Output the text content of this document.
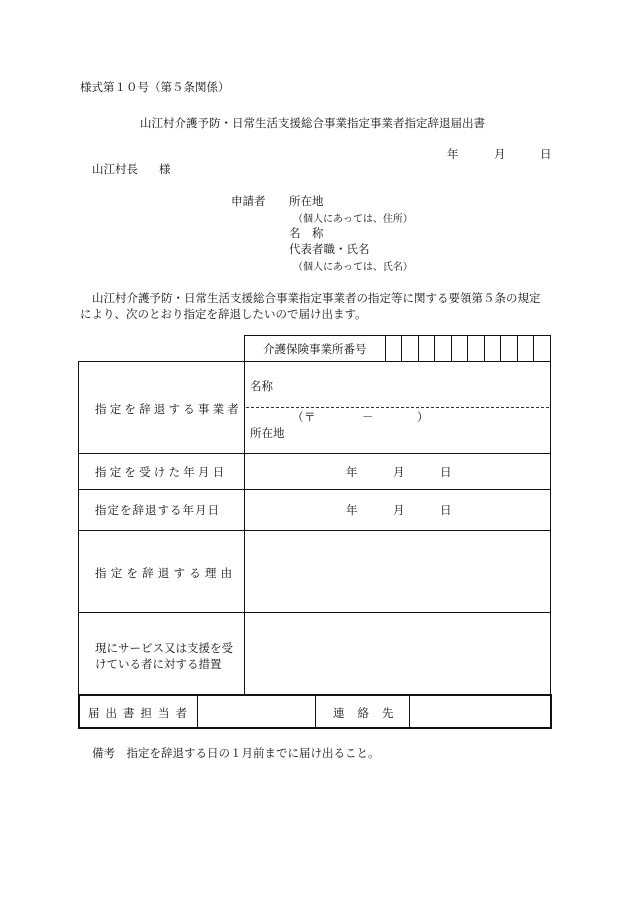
様式第１０号（第５条関係）
山江村介護予防・日常生活支援総合事業指定事業者指定辞退届出書
年	月	日
山江村長 様
申請者 所在地
（個人にあっては、住所）
名　称
代表者職・氏名
（個人にあっては、氏名）
山江村介護予防・日常生活支援総合事業指定事業者の指定等に関する要領第５条の規定
により、次のとおり指定を辞退したいので届け出ます。
介護保険事業所番号
指定を辞退する事業者
名称
（ 〒	－	）
所在地
指定を受けた年月日	年	月	日
指定を辞退する年月日	年	月	日
指定を辞退する理由
現にサービス又は支援を受
けている者に対する措置
届出書担当者	連絡先
備考　指定を辞退する日の１月前までに届け出ること。
